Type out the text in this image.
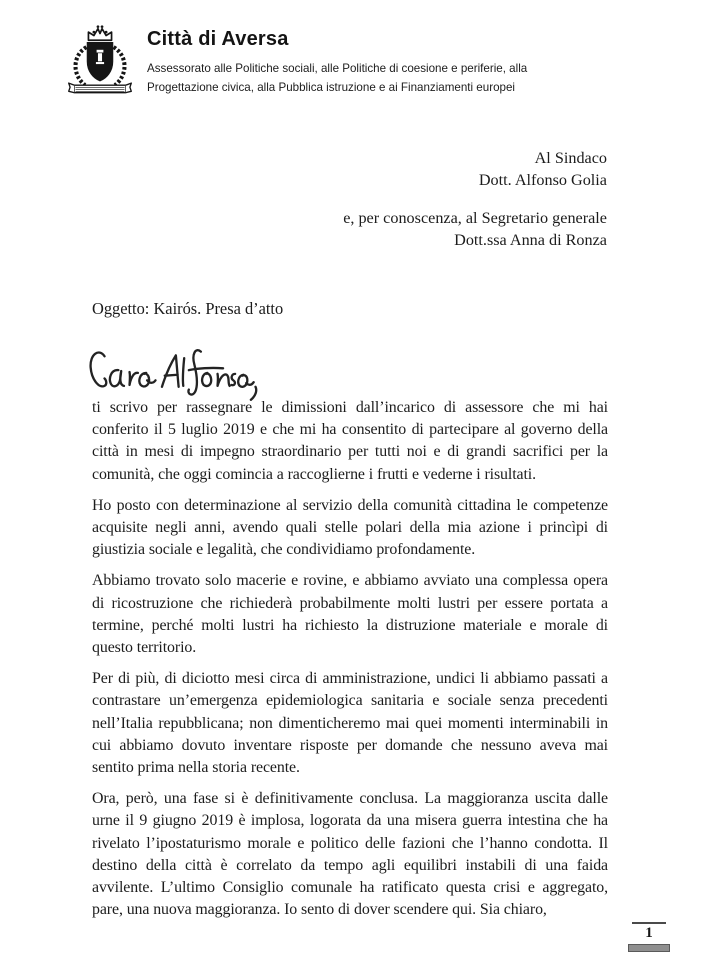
Città di Aversa
Assessorato alle Politiche sociali, alle Politiche di coesione e periferie, alla
Progettazione civica, alla Pubblica istruzione e ai Finanziamenti europei
Al Sindaco
Dott. Alfonso Golia
e, per conoscenza, al Segretario generale
Dott.ssa Anna di Ronza
Oggetto: Kairós. Presa d’atto

ti scrivo per rassegnare le dimissioni dall’incarico di assessore che mi hai conferito il 5 luglio 2019 e che mi ha consentito di partecipare al governo della città in mesi di impegno straordinario per tutti noi e di grandi sacrifici per la comunità, che oggi comincia a raccoglierne i frutti e vederne i risultati.

Ho posto con determinazione al servizio della comunità cittadina le competenze acquisite negli anni, avendo quali stelle polari della mia azione i princìpi di giustizia sociale e legalità, che condividiamo profondamente.

Abbiamo trovato solo macerie e rovine, e abbiamo avviato una complessa opera di ricostruzione che richiederà probabilmente molti lustri per essere portata a termine, perché molti lustri ha richiesto la distruzione materiale e morale di questo territorio.

Per di più, di diciotto mesi circa di amministrazione, undici li abbiamo passati a contrastare un’emergenza epidemiologica sanitaria e sociale senza precedenti nell’Italia repubblicana; non dimenticheremo mai quei momenti interminabili in cui abbiamo dovuto inventare risposte per domande che nessuno aveva mai sentito prima nella storia recente.

Ora, però, una fase si è definitivamente conclusa. La maggioranza uscita dalle urne il 9 giugno 2019 è implosa, logorata da una misera guerra intestina che ha rivelato l’ipostaturismo morale e politico delle fazioni che l’hanno condotta. Il destino della città è correlato da tempo agli equilibri instabili di una faida avvilente. L’ultimo Consiglio comunale ha ratificato questa crisi e aggregato, pare, una nuova maggioranza. Io sento di dover scendere qui. Sia chiaro,

1
